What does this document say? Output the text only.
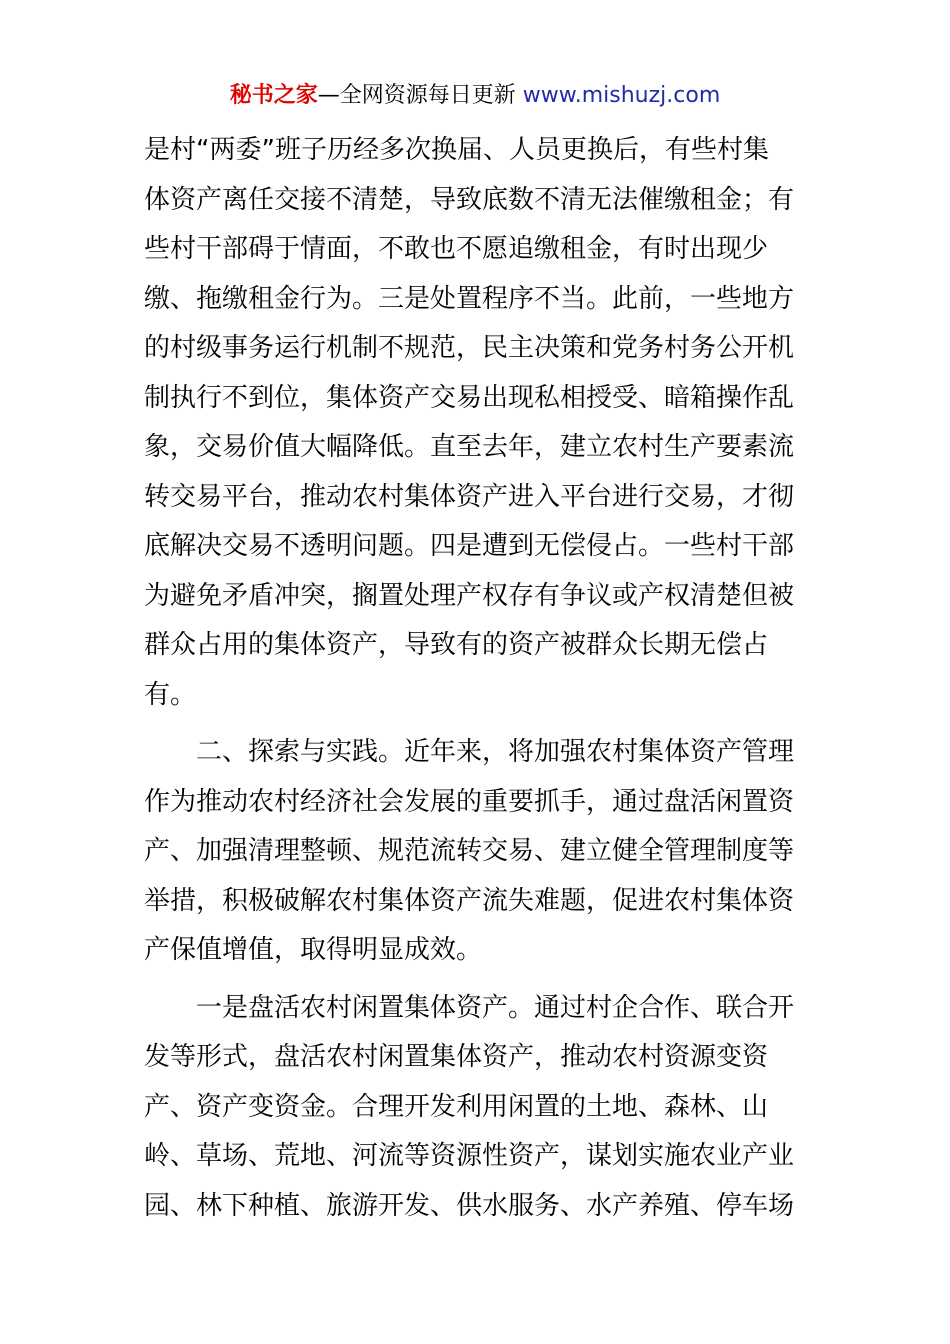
秘书之家—全网资源每日更新 www.mishuzj.com
是村“两委”班子历经多次换届、人员更换后，有些村集
体资产离任交接不清楚，导致底数不清无法催缴租金；有
些村干部碍于情面，不敢也不愿追缴租金，有时出现少
缴、拖缴租金行为。三是处置程序不当。此前，一些地方
的村级事务运行机制不规范，民主决策和党务村务公开机
制执行不到位，集体资产交易出现私相授受、暗箱操作乱
象，交易价值大幅降低。直至去年，建立农村生产要素流
转交易平台，推动农村集体资产进入平台进行交易，才彻
底解决交易不透明问题。四是遭到无偿侵占。一些村干部
为避免矛盾冲突，搁置处理产权存有争议或产权清楚但被
群众占用的集体资产，导致有的资产被群众长期无偿占
有。
　　二、探索与实践。近年来，将加强农村集体资产管理
作为推动农村经济社会发展的重要抓手，通过盘活闲置资
产、加强清理整顿、规范流转交易、建立健全管理制度等
举措，积极破解农村集体资产流失难题，促进农村集体资
产保值增值，取得明显成效。
　　一是盘活农村闲置集体资产。通过村企合作、联合开
发等形式，盘活农村闲置集体资产，推动农村资源变资
产、资产变资金。合理开发利用闲置的土地、森林、山
岭、草场、荒地、河流等资源性资产，谋划实施农业产业
园、林下种植、旅游开发、供水服务、水产养殖、停车场
